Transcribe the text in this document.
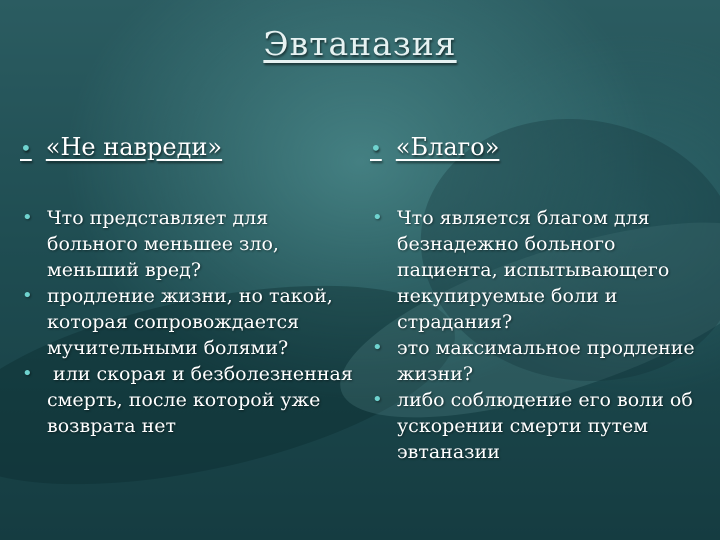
Эвтаназия
• «Не навреди»
• Что представляет для больного меньшее зло, меньший вред?
• продление жизни, но такой, которая сопровождается мучительными болями?
• или скорая и безболезненная смерть, после которой уже возврата нет
• «Благо»
• Что является благом для безнадежно больного пациента, испытывающего некупируемые боли и страдания?
• это максимальное продление жизни?
• либо соблюдение его воли об ускорении смерти путем эвтаназии
